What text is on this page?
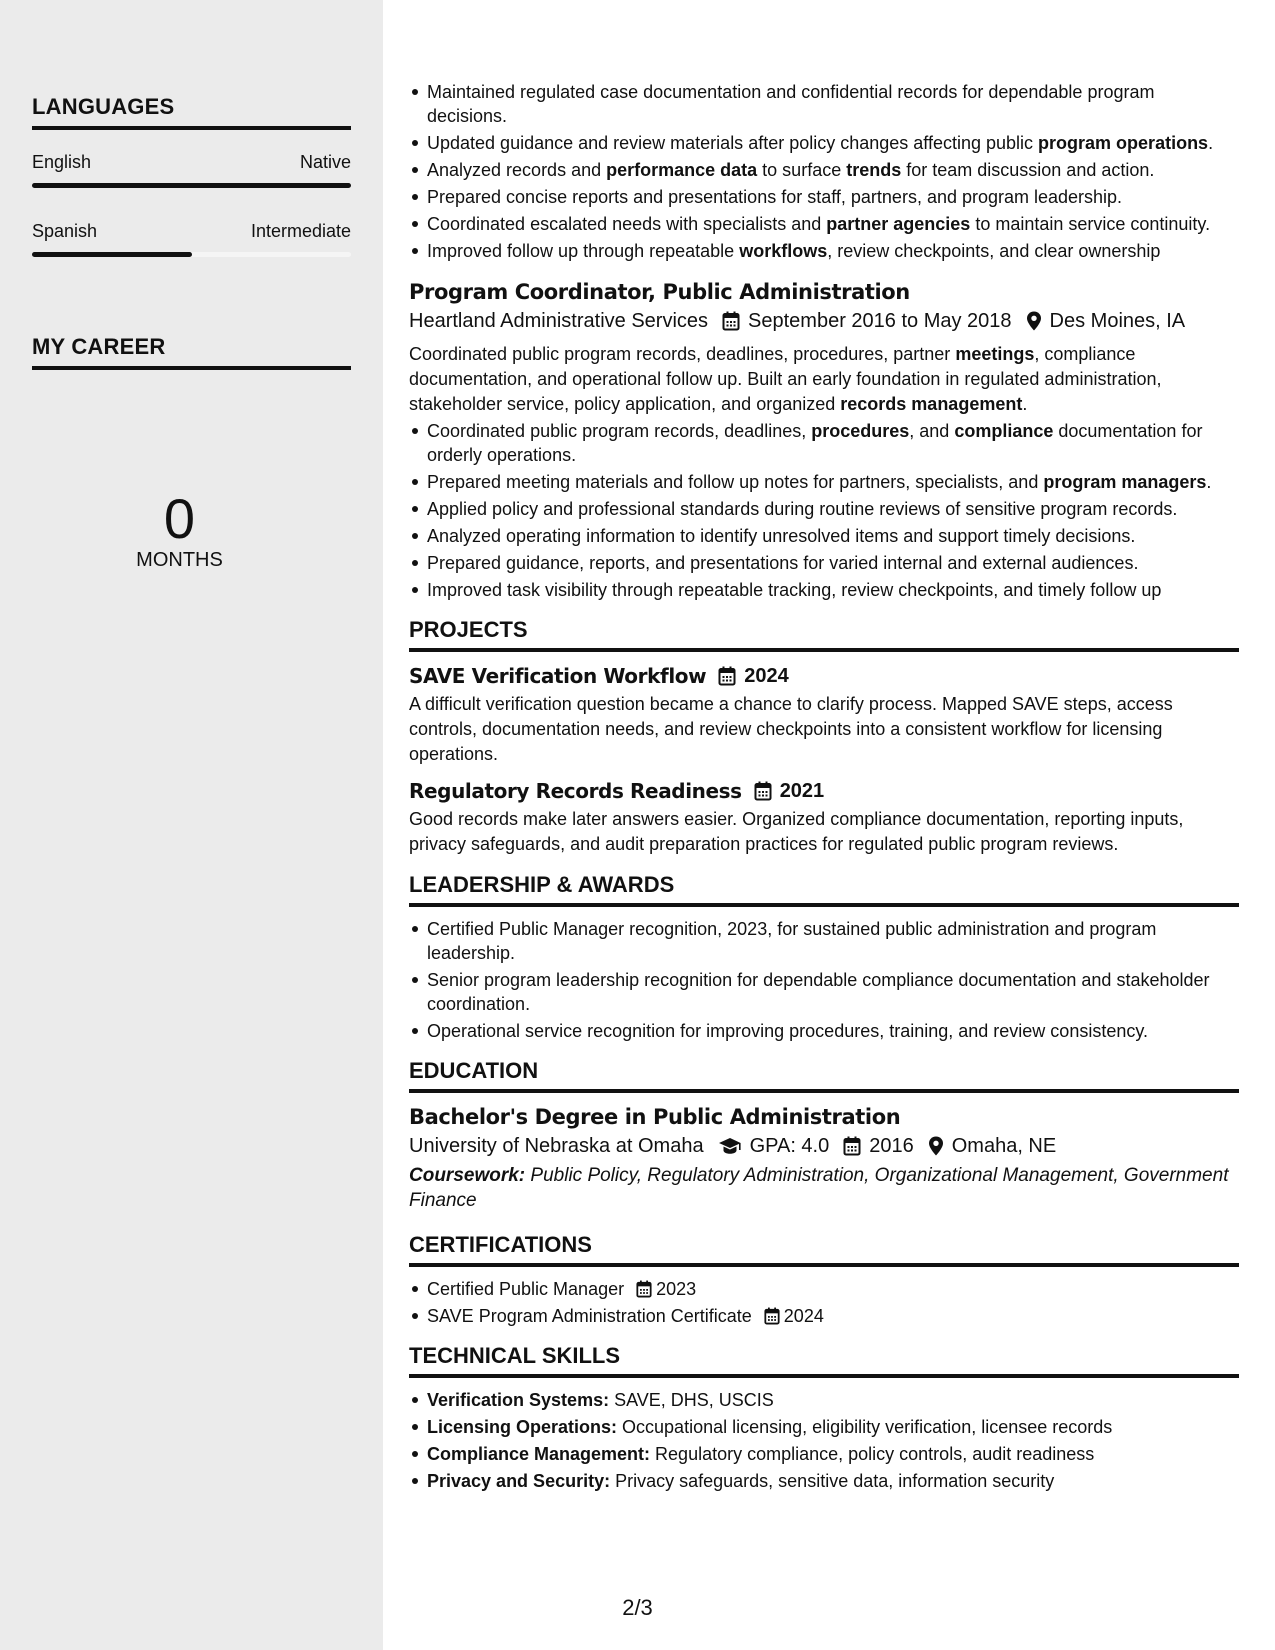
LANGUAGES
English	Native
Spanish	Intermediate
MY CAREER
0
MONTHS
Maintained regulated case documentation and confidential records for dependable program decisions.
Updated guidance and review materials after policy changes affecting public program operations.
Analyzed records and performance data to surface trends for team discussion and action.
Prepared concise reports and presentations for staff, partners, and program leadership.
Coordinated escalated needs with specialists and partner agencies to maintain service continuity.
Improved follow up through repeatable workflows, review checkpoints, and clear ownership
Program Coordinator, Public Administration
Heartland Administrative Services September 2016 to May 2018 Des Moines, IA
Coordinated public program records, deadlines, procedures, partner meetings, compliance documentation, and operational follow up. Built an early foundation in regulated administration, stakeholder service, policy application, and organized records management.
Coordinated public program records, deadlines, procedures, and compliance documentation for orderly operations.
Prepared meeting materials and follow up notes for partners, specialists, and program managers.
Applied policy and professional standards during routine reviews of sensitive program records.
Analyzed operating information to identify unresolved items and support timely decisions.
Prepared guidance, reports, and presentations for varied internal and external audiences.
Improved task visibility through repeatable tracking, review checkpoints, and timely follow up
PROJECTS
SAVE Verification Workflow 2024
A difficult verification question became a chance to clarify process. Mapped SAVE steps, access controls, documentation needs, and review checkpoints into a consistent workflow for licensing operations.
Regulatory Records Readiness 2021
Good records make later answers easier. Organized compliance documentation, reporting inputs, privacy safeguards, and audit preparation practices for regulated public program reviews.
LEADERSHIP & AWARDS
Certified Public Manager recognition, 2023, for sustained public administration and program leadership.
Senior program leadership recognition for dependable compliance documentation and stakeholder coordination.
Operational service recognition for improving procedures, training, and review consistency.
EDUCATION
Bachelor's Degree in Public Administration
University of Nebraska at Omaha GPA: 4.0 2016 Omaha, NE
Coursework: Public Policy, Regulatory Administration, Organizational Management, Government Finance
CERTIFICATIONS
Certified Public Manager 2023
SAVE Program Administration Certificate 2024
TECHNICAL SKILLS
Verification Systems: SAVE, DHS, USCIS
Licensing Operations: Occupational licensing, eligibility verification, licensee records
Compliance Management: Regulatory compliance, policy controls, audit readiness
Privacy and Security: Privacy safeguards, sensitive data, information security
2/3
